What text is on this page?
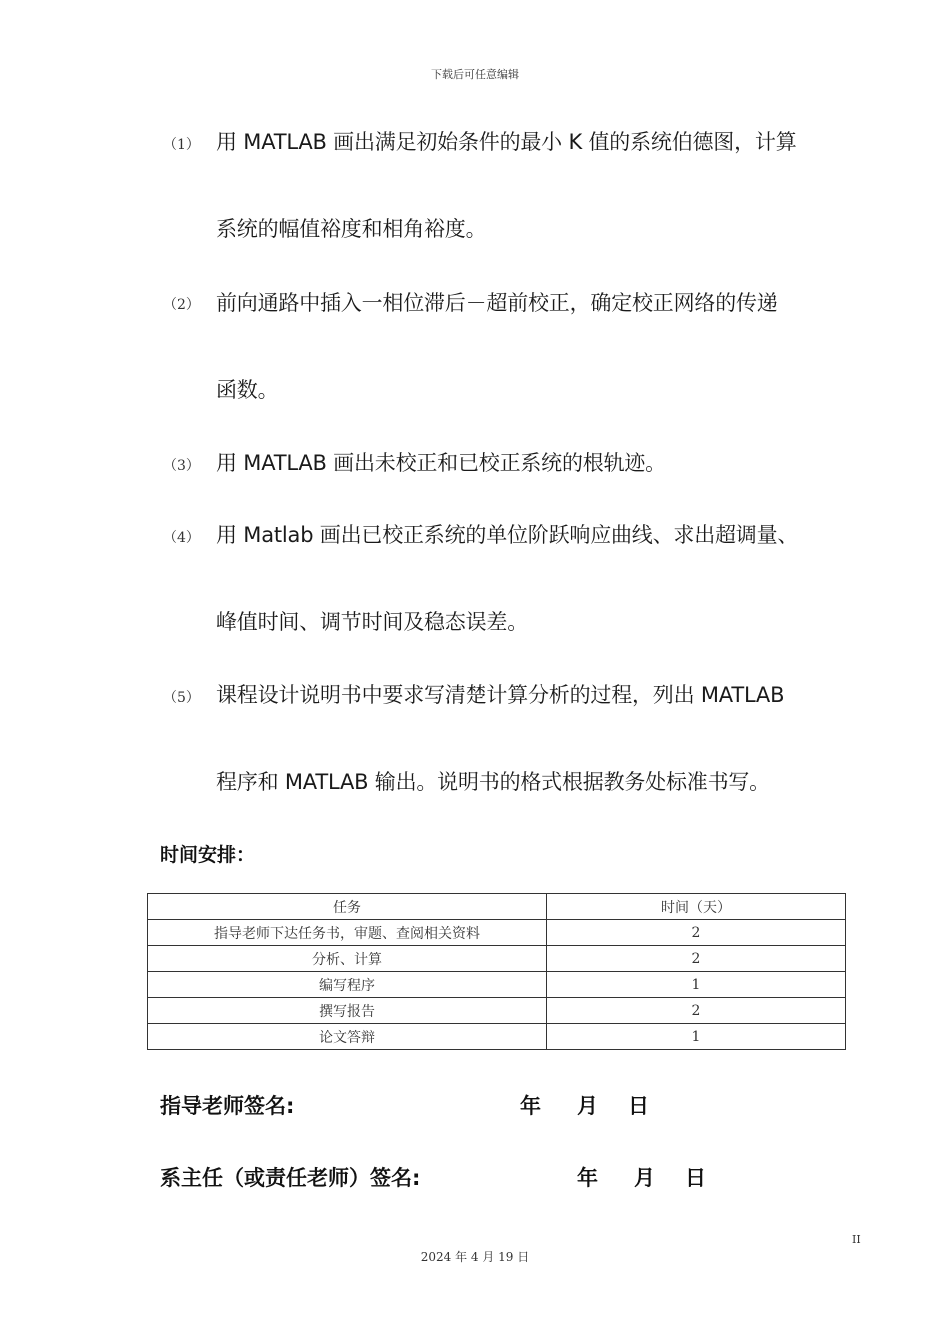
下载后可任意编辑
（1） 用 MATLAB 画出满足初始条件的最小 K 值的系统伯德图，计算
系统的幅值裕度和相角裕度。
（2） 前向通路中插入一相位滞后－超前校正，确定校正网络的传递
函数。
（3） 用 MATLAB 画出未校正和已校正系统的根轨迹。
（4） 用 Matlab 画出已校正系统的单位阶跃响应曲线、求出超调量、
峰值时间、调节时间及稳态误差。
（5） 课程设计说明书中要求写清楚计算分析的过程，列出 MATLAB
程序和 MATLAB 输出。说明书的格式根据教务处标准书写。
时间安排：
任务	时间（天）
指导老师下达任务书，审题、查阅相关资料	2
分析、计算	2
编写程序	1
撰写报告	2
论文答辩	1
指导老师签名:	年 月 日
系主任（或责任老师）签名:	年 月 日
II
2024 年 4 月 19 日
